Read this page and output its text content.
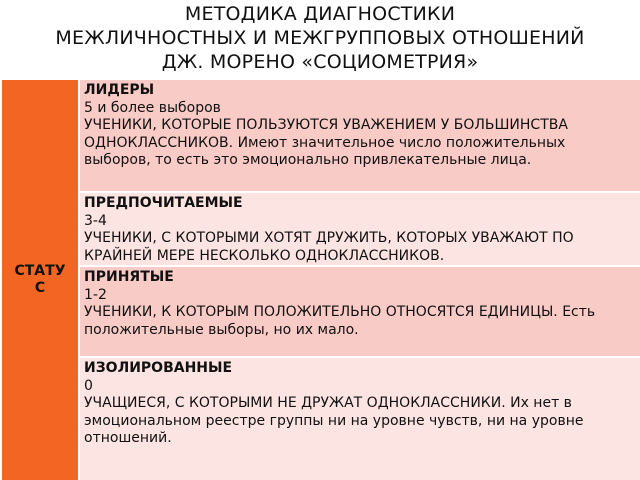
МЕТОДИКА ДИАГНОСТИКИ
МЕЖЛИЧНОСТНЫХ И МЕЖГРУППОВЫХ ОТНОШЕНИЙ
ДЖ. МОРЕНО «СОЦИОМЕТРИЯ»
СТАТУС
ЛИДЕРЫ
5 и более выборов
УЧЕНИКИ, КОТОРЫЕ ПОЛЬЗУЮТСЯ УВАЖЕНИЕМ У БОЛЬШИНСТВА ОДНОКЛАССНИКОВ. Имеют значительное число положительных выборов, то есть это эмоционально привлекательные лица.
ПРЕДПОЧИТАЕМЫЕ
3-4
УЧЕНИКИ, С КОТОРЫМИ ХОТЯТ ДРУЖИТЬ, КОТОРЫХ УВАЖАЮТ ПО КРАЙНЕЙ МЕРЕ НЕСКОЛЬКО ОДНОКЛАССНИКОВ.
ПРИНЯТЫЕ
1-2
УЧЕНИКИ, К КОТОРЫМ ПОЛОЖИТЕЛЬНО ОТНОСЯТСЯ ЕДИНИЦЫ. Есть положительные выборы, но их мало.
ИЗОЛИРОВАННЫЕ
0
УЧАЩИЕСЯ, С КОТОРЫМИ НЕ ДРУЖАТ ОДНОКЛАССНИКИ. Их нет в эмоциональном реестре группы ни на уровне чувств, ни на уровне отношений.
